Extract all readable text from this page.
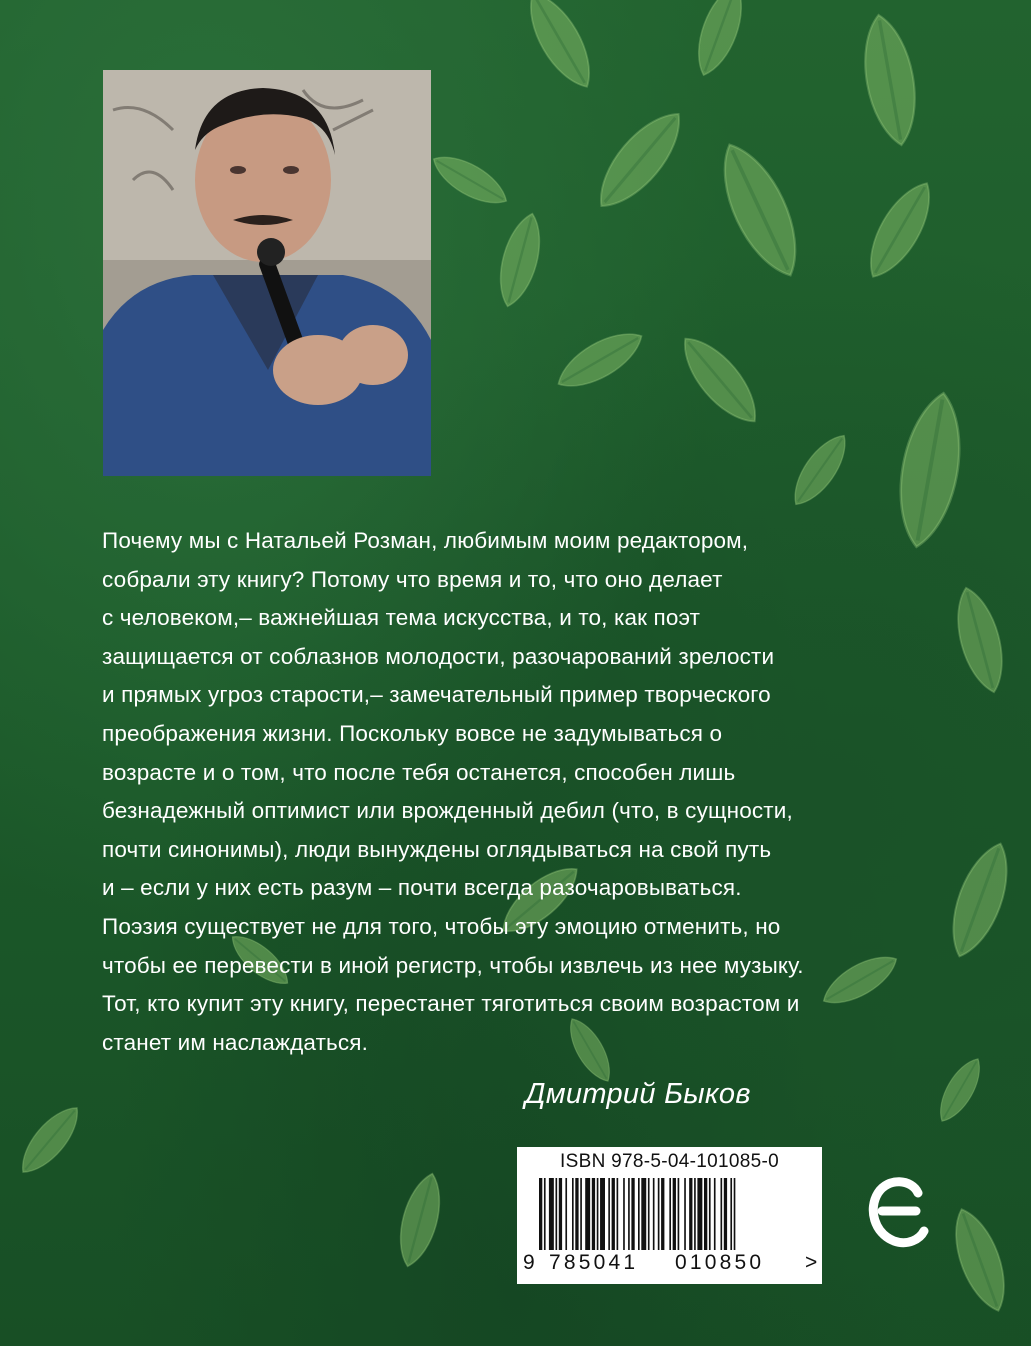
Почему мы с Натальей Розман, любимым моим редактором,
собрали эту книгу? Потому что время и то, что оно делает
с человеком,– важнейшая тема искусства, и то, как поэт
защищается от соблазнов молодости, разочарований зрелости
и прямых угроз старости,– замечательный пример творческого
преображения жизни. Поскольку вовсе не задумываться о
возрасте и о том, что после тебя останется, способен лишь
безнадежный оптимист или врожденный дебил (что, в сущности,
почти синонимы), люди вынуждены оглядываться на свой путь
и – если у них есть разум – почти всегда разочаровываться.
Поэзия существует не для того, чтобы эту эмоцию отменить, но
чтобы ее перевести в иной регистр, чтобы извлечь из нее музыку.
Тот, кто купит эту книгу, перестанет тяготиться своим возрастом и
станет им наслаждаться.

Дмитрий Быков
ISBN 978-5-04-101085-0
9 785041 010850 >
